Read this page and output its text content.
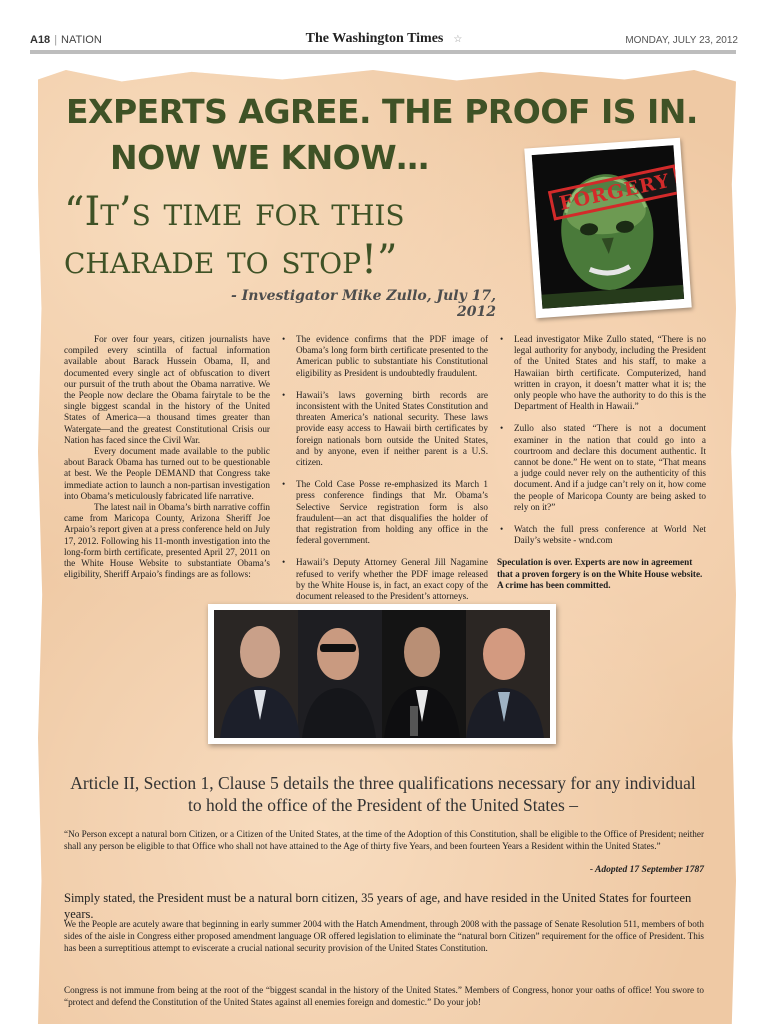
A18 | NATION	The Washington Times ☆	MONDAY, JULY 23, 2012
EXPERTS AGREE. THE PROOF IS IN.
NOW WE KNOW…
“It’s time for this
charade to stop!”
- Investigator Mike Zullo, July 17, 2012
FORGERY

For over four years, citizen journalists have compiled every scintilla of factual information available about Barack Hussein Obama, II, and documented every single act of obfuscation to divert our pursuit of the truth about the Obama narrative. We the People now declare the Obama fairytale to be the single biggest scandal in the history of the United States of America—a thousand times greater than Watergate—and the greatest Constitutional Crisis our Nation has faced since the Civil War.

Every document made available to the public about Barack Obama has turned out to be questionable at best. We the People DEMAND that Congress take immediate action to launch a non-partisan investigation into Obama’s meticulously fabricated life narrative.

The latest nail in Obama’s birth narrative coffin came from Maricopa County, Arizona Sheriff Joe Arpaio’s report given at a press conference held on July 17, 2012. Following his 11-month investigation into the long-form birth certificate, presented April 27, 2011 on the White House Website to substantiate Obama’s eligibility, Sheriff Arpaio’s findings are as follows:

• The evidence confirms that the PDF image of Obama’s long form birth certificate presented to the American public to substantiate his Constitutional eligibility as President is undoubtedly fraudulent.
• Hawaii’s laws governing birth records are inconsistent with the United States Constitution and threaten America’s national security. These laws provide easy access to Hawaii birth certificates by foreign nationals born outside the United States, and by anyone, even if neither parent is a U.S. citizen.
• The Cold Case Posse re-emphasized its March 1 press conference findings that Mr. Obama’s Selective Service registration form is also fraudulent—an act that disqualifies the holder of that registration from holding any office in the federal government.
• Hawaii’s Deputy Attorney General Jill Nagamine refused to verify whether the PDF image released by the White House is, in fact, an exact copy of the document released to the President’s attorneys.
• Lead investigator Mike Zullo stated, “There is no legal authority for anybody, including the President of the United States and his staff, to make a Hawaiian birth certificate. Computerized, hand written in crayon, it doesn’t matter what it is; the only people who have the authority to do this is the Department of Health in Hawaii.”
• Zullo also stated “There is not a document examiner in the nation that could go into a courtroom and declare this document authentic. It cannot be done.” He went on to state, “That means a judge could never rely on the authenticity of this document. And if a judge can’t rely on it, how come the people of Maricopa County are being asked to rely on it?”
• Watch the full press conference at World Net Daily’s website - wnd.com
Speculation is over. Experts are now in agreement that a proven forgery is on the White House website. A crime has been committed.
Article II, Section 1, Clause 5 details the three qualifications necessary for any individual to hold the office of the President of the United States –
“No Person except a natural born Citizen, or a Citizen of the United States, at the time of the Adoption of this Constitution, shall be eligible to the Office of President; neither shall any person be eligible to that Office who shall not have attained to the Age of thirty five Years, and been fourteen Years a Resident within the United States.”
- Adopted 17 September 1787
Simply stated, the President must be a natural born citizen, 35 years of age, and have resided in the United States for fourteen years.
We the People are acutely aware that beginning in early summer 2004 with the Hatch Amendment, through 2008 with the passage of Senate Resolution 511, members of both sides of the aisle in Congress either proposed amendment language OR offered legislation to eliminate the “natural born Citizen” requirement for the office of President. This has been a surreptitious attempt to eviscerate a crucial national security provision of the United States Constitution.
Congress is not immune from being at the root of the “biggest scandal in the history of the United States.” Members of Congress, honor your oaths of office! You swore to “protect and defend the Constitution of the United States against all enemies foreign and domestic.” Do your job!
